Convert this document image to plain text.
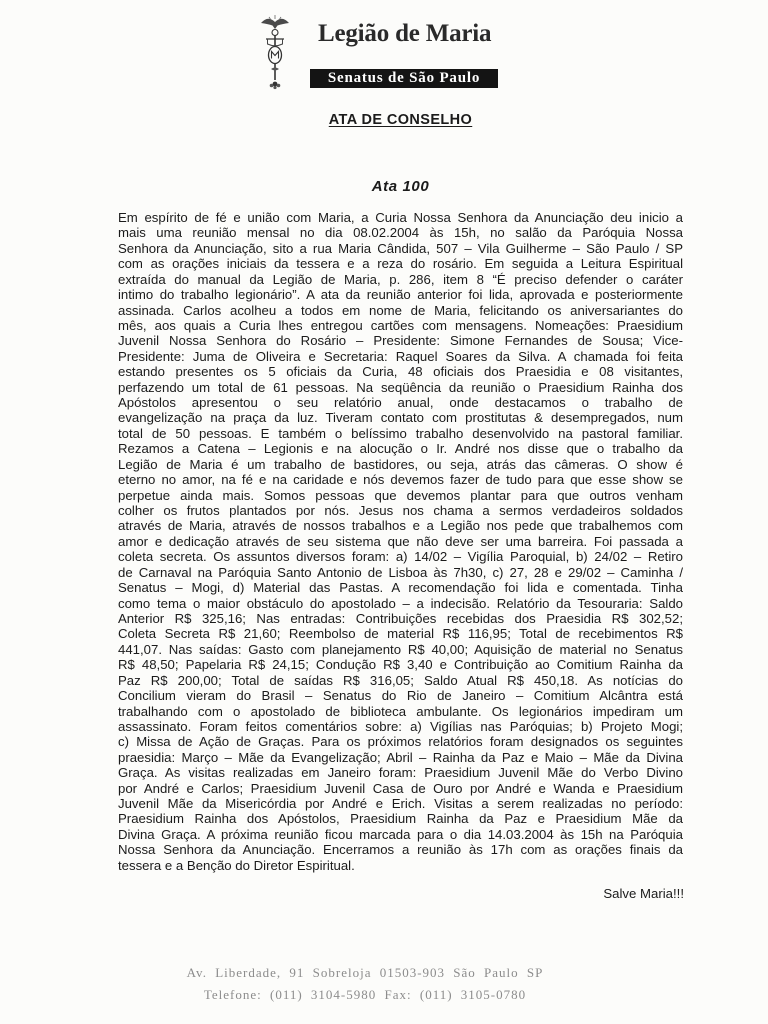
Legião de Maria
Senatus de São Paulo
ATA DE CONSELHO
Ata 100
Em espírito de fé e união com Maria, a Curia Nossa Senhora da Anunciação deu inicio a
mais uma reunião mensal no dia 08.02.2004 às 15h, no salão da Paróquia Nossa
Senhora da Anunciação, sito a rua Maria Cândida, 507 – Vila Guilherme – São Paulo / SP
com as orações iniciais da tessera e a reza do rosário. Em seguida a Leitura Espiritual
extraída do manual da Legião de Maria, p. 286, item 8 “É preciso defender o caráter
intimo do trabalho legionário”. A ata da reunião anterior foi lida, aprovada e posteriormente
assinada. Carlos acolheu a todos em nome de Maria, felicitando os aniversariantes do
mês, aos quais a Curia lhes entregou cartões com mensagens. Nomeações: Praesidium
Juvenil Nossa Senhora do Rosário – Presidente: Simone Fernandes de Sousa; Vice-
Presidente: Juma de Oliveira e Secretaria: Raquel Soares da Silva. A chamada foi feita
estando presentes os 5 oficiais da Curia, 48 oficiais dos Praesidia e 08 visitantes,
perfazendo um total de 61 pessoas. Na seqüência da reunião o Praesidium Rainha dos
Apóstolos apresentou o seu relatório anual, onde destacamos o trabalho de
evangelização na praça da luz. Tiveram contato com prostitutas & desempregados, num
total de 50 pessoas. E também o belíssimo trabalho desenvolvido na pastoral familiar.
Rezamos a Catena – Legionis e na alocução o Ir. André nos disse que o trabalho da
Legião de Maria é um trabalho de bastidores, ou seja, atrás das câmeras. O show é
eterno no amor, na fé e na caridade e nós devemos fazer de tudo para que esse show se
perpetue ainda mais. Somos pessoas que devemos plantar para que outros venham
colher os frutos plantados por nós. Jesus nos chama a sermos verdadeiros soldados
através de Maria, através de nossos trabalhos e a Legião nos pede que trabalhemos com
amor e dedicação através de seu sistema que não deve ser uma barreira. Foi passada a
coleta secreta. Os assuntos diversos foram: a) 14/02 – Vigília Paroquial, b) 24/02 – Retiro
de Carnaval na Paróquia Santo Antonio de Lisboa às 7h30, c) 27, 28 e 29/02 – Caminha /
Senatus – Mogi, d) Material das Pastas. A recomendação foi lida e comentada. Tinha
como tema o maior obstáculo do apostolado – a indecisão. Relatório da Tesouraria: Saldo
Anterior R$ 325,16; Nas entradas: Contribuições recebidas dos Praesidia R$ 302,52;
Coleta Secreta R$ 21,60; Reembolso de material R$ 116,95; Total de recebimentos R$
441,07. Nas saídas: Gasto com planejamento R$ 40,00; Aquisição de material no Senatus
R$ 48,50; Papelaria R$ 24,15; Condução R$ 3,40 e Contribuição ao Comitium Rainha da
Paz R$ 200,00; Total de saídas R$ 316,05; Saldo Atual R$ 450,18. As notícias do
Concilium vieram do Brasil – Senatus do Rio de Janeiro – Comitium Alcântra está
trabalhando com o apostolado de biblioteca ambulante. Os legionários impediram um
assassinato. Foram feitos comentários sobre: a) Vigílias nas Paróquias; b) Projeto Mogi;
c) Missa de Ação de Graças. Para os próximos relatórios foram designados os seguintes
praesidia: Março – Mãe da Evangelização; Abril – Rainha da Paz e Maio – Mãe da Divina
Graça. As visitas realizadas em Janeiro foram: Praesidium Juvenil Mãe do Verbo Divino
por André e Carlos; Praesidium Juvenil Casa de Ouro por André e Wanda e Praesidium
Juvenil Mãe da Misericórdia por André e Erich. Visitas a serem realizadas no período:
Praesidium Rainha dos Apóstolos, Praesidium Rainha da Paz e Praesidium Mãe da
Divina Graça. A próxima reunião ficou marcada para o dia 14.03.2004 às 15h na Paróquia
Nossa Senhora da Anunciação. Encerramos a reunião às 17h com as orações finais da
tessera e a Benção do Diretor Espiritual.
Salve Maria!!!
Av. Liberdade, 91 Sobreloja 01503-903 São Paulo SP
Telefone: (011) 3104-5980 Fax: (011) 3105-0780
